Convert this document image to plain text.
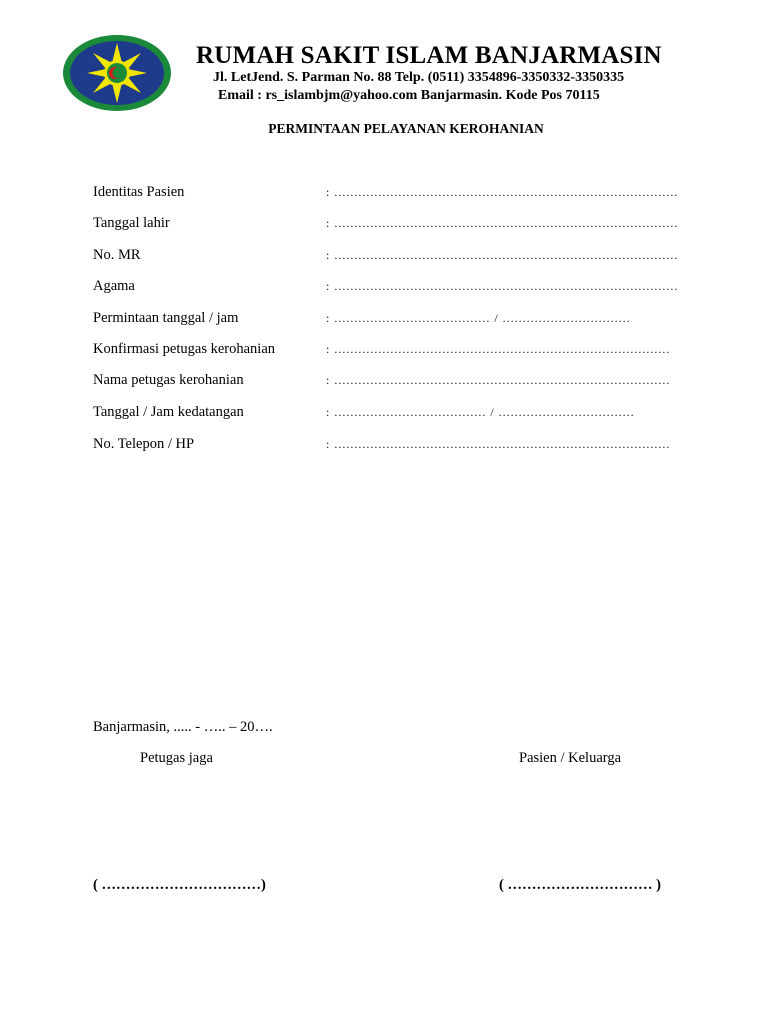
RUMAH SAKIT ISLAM BANJARMASIN
Jl. LetJend. S. Parman No. 88 Telp. (0511) 3354896-3350332-3350335
Email : rs_islambjm@yahoo.com Banjarmasin. Kode Pos 70115
PERMINTAAN PELAYANAN KEROHANIAN
Identitas Pasien	: ......................................................................................
Tanggal lahir	: ......................................................................................
No. MR	: ......................................................................................
Agama	: ......................................................................................
Permintaan tanggal / jam	: ....................................... / ................................
Konfirmasi petugas kerohanian	: ....................................................................................
Nama petugas kerohanian	: ....................................................................................
Tanggal / Jam kedatangan	: ...................................... / ..................................
No. Telepon / HP	: ....................................................................................
Banjarmasin, ..... - ….. – 20….
Petugas jaga	Pasien / Keluarga
( ……………………………)	( ………………………… )
